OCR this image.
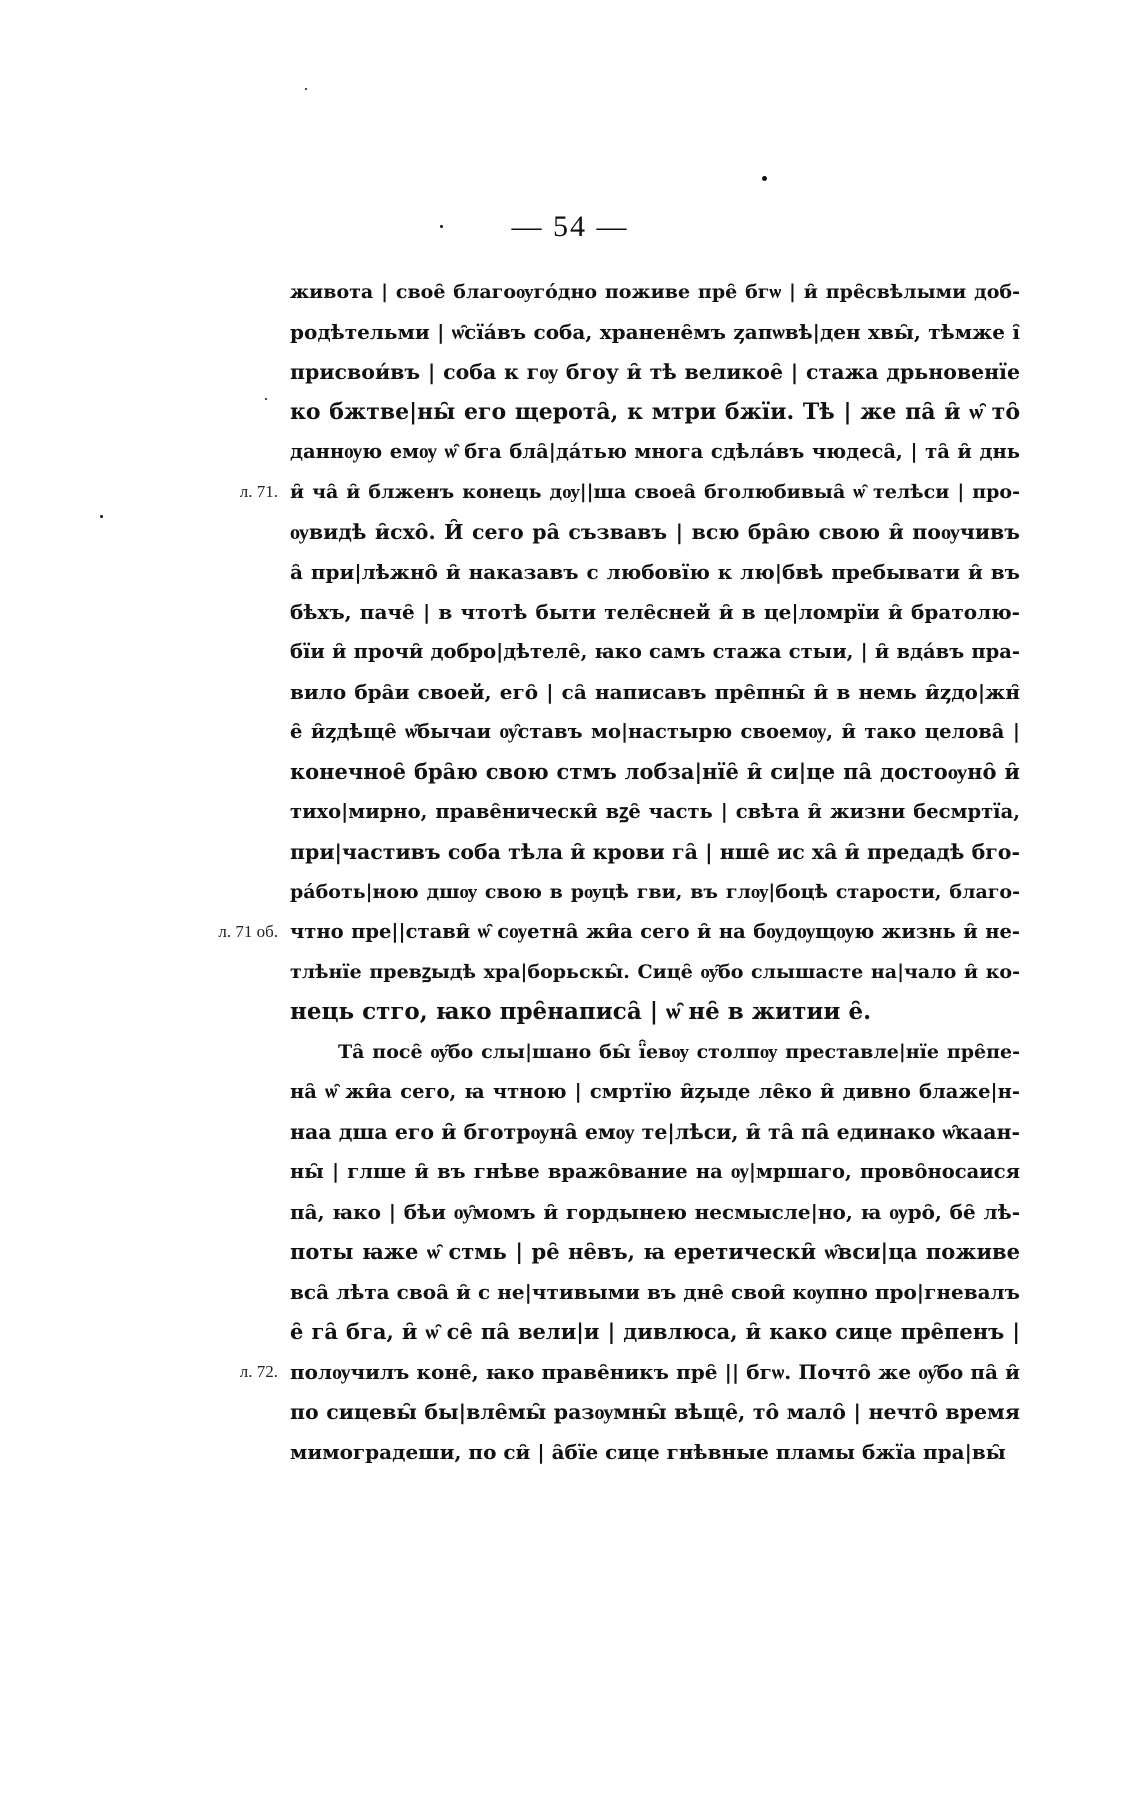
— 54 —
живота | свое̑ благоѹго́дно поживе пре̑ бгѡ | и̑ пре̑свѣлыми доб-
родѣтельми | ѡ̑сїа́въ соба, хранене̑мъ ȥапѡвѣ|ден хвы̑, тѣмже і̑
присвои́въ | соба к гѹ бгоу и̑ тѣ великое̑ | стажа дрьновенїе
ко бжтве|ны̑ его щерота̑, к мтри бжїи. Тѣ | же па̑ и̑ ѡ̑ то̑
даннѹю емѹ ѡ̑ бга бла̑|да́тью многа сдѣла́въ чюдеса̑, | та̑ и̑ днь
и̑ ча̑ и̑ блженъ конець дѹ||ша своеа̑ бголюбивыа̑ ѡ̑ телѣси | про-
л. 71.
ѹвидѣ и̑схо̑. И̑ сего ра̑ съзвавъ | всю бра̑ю свою и̑ поѹчивъ
а̑ при|лѣжно̑ и̑ наказавъ с любовїю к лю|бвѣ пребывати и̑ въ
бѣхъ, паче̑ | в чтотѣ быти теле̑сней и̑ в це|ломрїи и̑ братолю-
бїи и̑ прочи̑ добро|дѣтеле̑, ꙗко самъ стажа стыи, | и̑ вда́въ пра-
вило бра̑и своей, его̑ | са̑ написавъ пре̑пны̑ и̑ в немь и̑ȥдо|жн̑
е̑ и̑ȥдѣще̑ ѡ̑бычаи ѹ̑ставъ мо|настырю своемѹ, и̑ тако целова̑ |
конечное̑ бра̑ю свою стмъ лобза|нїе̑ и̑ си|це па̑ достоѹно̑ и̑
тихо|мирно, праве̑нически̑ вꙁе̑ часть | свѣта и̑ жизни бесмртїа,
при|частивъ соба тѣла и̑ крови га̑ | нше̑ ис ха̑ и̑ предадѣ бго-
ра́боть|ною дшѹ свою в рѹцѣ гви, въ глѹ|боцѣ старости, благо-
чтно пре||стави̑ ѡ̑ сѹетна̑ жи̑а сего и̑ на бѹдѹщѹю жизнь и̑ не-
л. 71 об.
тлѣнїе превꙁыдѣ хра|борьскы̑. Сице̑ ѹ̑бо слышасте на|чало и̑ ко-
нець стго, ꙗко пре̑написа̑ | ѡ̑ не̑ в житии е̑.
Та̑ посе̑ ѹ̑бо слы|шано бы̑ ї̑евѹ столпѹ преставле|нїе пре̑пе-
на̑ ѡ̑ жи̑а сего, ꙗ чтною | смртїю и̑ȥыде ле̑ко и̑ дивно блаже|н-
наа дша его и̑ бготрѹна̑ емѹ те|лѣси, и̑ та̑ па̑ единако ѡ̑каан-
ны̑ | глше и̑ въ гнѣве вражо̑вание на ѹ|мршаго, прово̑носаися
па̑, ꙗко | бѣи ѹ̑момъ и̑ гордынею несмысле|но, ꙗ ѹро̑, бе̑ лѣ-
поты ꙗже ѡ̑ стмь | ре̑ не̑въ, ꙗ еретически̑ ѡ̑вси|ца поживе
вса̑ лѣта своа̑ и̑ с не|чтивыми въ дне̑ свои̑ кѹпно про|гневалъ
е̑ га̑ бга, и̑ ѡ̑ се̑ па̑ вели|и | дивлюса, и̑ како сице пре̑пенъ |
полѹчилъ коне̑, ꙗко праве̑никъ пре̑ || бгѡ. Почто̑ же ѹ̑бо па̑ и̑
л. 72.
по сицевы̑ бы|вле̑мы̑ разѹмны̑ вѣще̑, то̑ мало̑ | нечто̑ время
мимоградеши, по си̑ | а̑бїе сице гнѣвные пламы бжїа пра|вы̑
